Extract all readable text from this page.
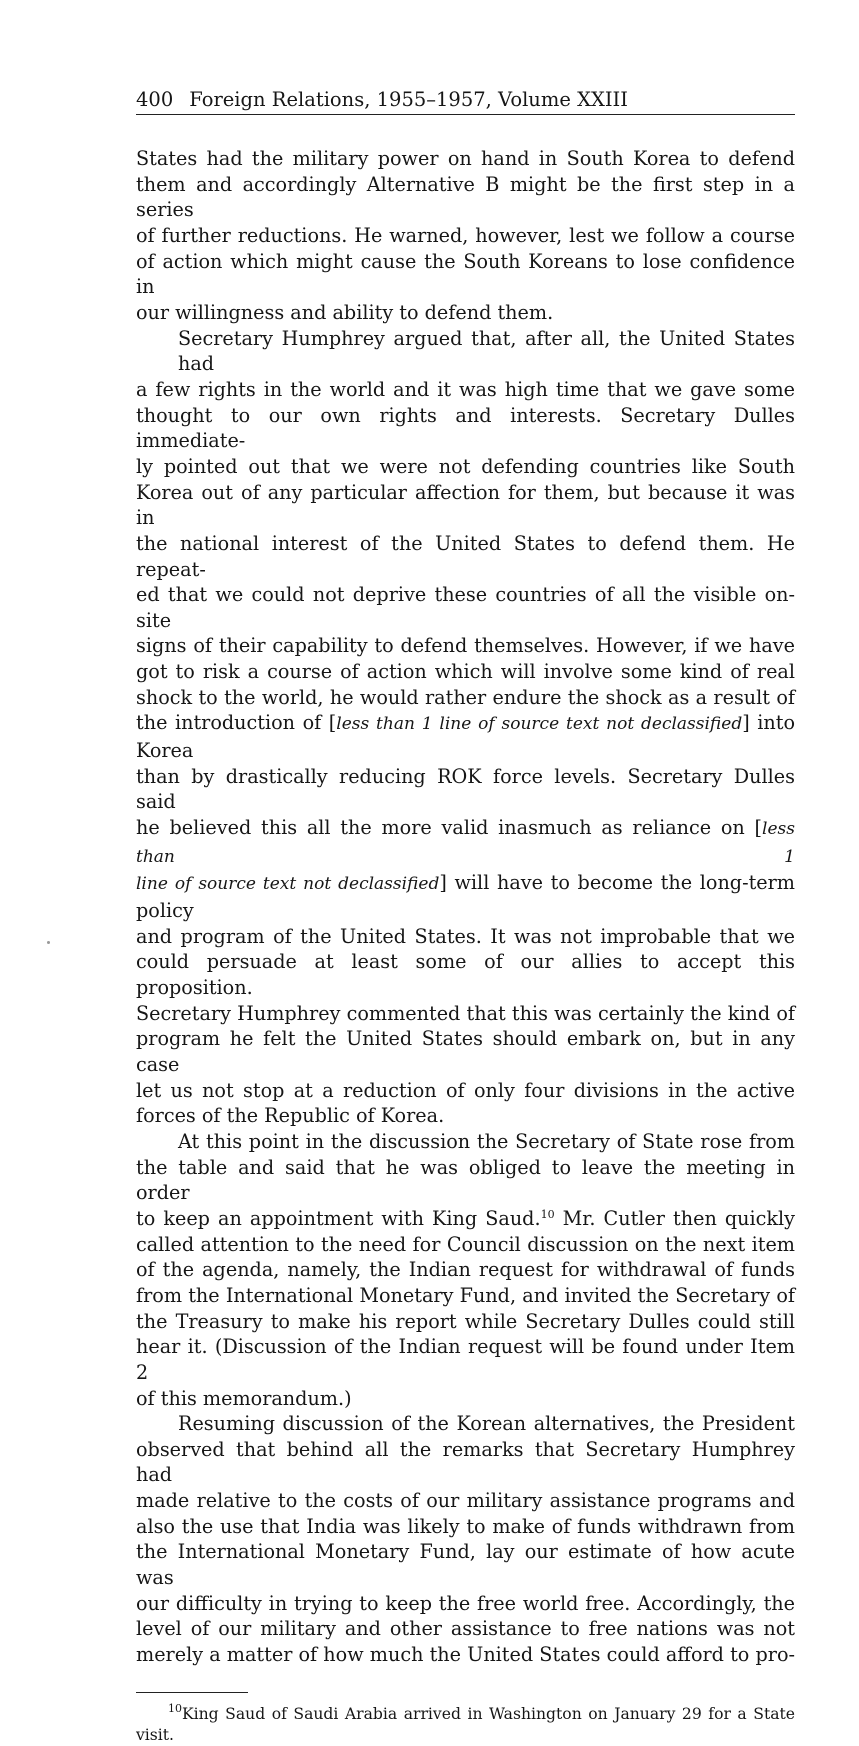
400 Foreign Relations, 1955–1957, Volume XXIII

States had the military power on hand in South Korea to defend
them and accordingly Alternative B might be the first step in a series
of further reductions. He warned, however, lest we follow a course
of action which might cause the South Koreans to lose confidence in
our willingness and ability to defend them.

Secretary Humphrey argued that, after all, the United States had
a few rights in the world and it was high time that we gave some
thought to our own rights and interests. Secretary Dulles immediate-
ly pointed out that we were not defending countries like South
Korea out of any particular affection for them, but because it was in
the national interest of the United States to defend them. He repeat-
ed that we could not deprive these countries of all the visible on-site
signs of their capability to defend themselves. However, if we have
got to risk a course of action which will involve some kind of real
shock to the world, he would rather endure the shock as a result of
the introduction of [less than 1 line of source text not declassified] into Korea
than by drastically reducing ROK force levels. Secretary Dulles said
he believed this all the more valid inasmuch as reliance on [less than 1
line of source text not declassified] will have to become the long-term policy
and program of the United States. It was not improbable that we
could persuade at least some of our allies to accept this proposition.
Secretary Humphrey commented that this was certainly the kind of
program he felt the United States should embark on, but in any case
let us not stop at a reduction of only four divisions in the active
forces of the Republic of Korea.

At this point in the discussion the Secretary of State rose from
the table and said that he was obliged to leave the meeting in order
to keep an appointment with King Saud.$^{10}$ Mr. Cutler then quickly
called attention to the need for Council discussion on the next item
of the agenda, namely, the Indian request for withdrawal of funds
from the International Monetary Fund, and invited the Secretary of
the Treasury to make his report while Secretary Dulles could still
hear it. (Discussion of the Indian request will be found under Item 2
of this memorandum.)

Resuming discussion of the Korean alternatives, the President
observed that behind all the remarks that Secretary Humphrey had
made relative to the costs of our military assistance programs and
also the use that India was likely to make of funds withdrawn from
the International Monetary Fund, lay our estimate of how acute was
our difficulty in trying to keep the free world free. Accordingly, the
level of our military and other assistance to free nations was not
merely a matter of how much the United States could afford to pro-

$^{10}$King Saud of Saudi Arabia arrived in Washington on January 29 for a State
visit.
